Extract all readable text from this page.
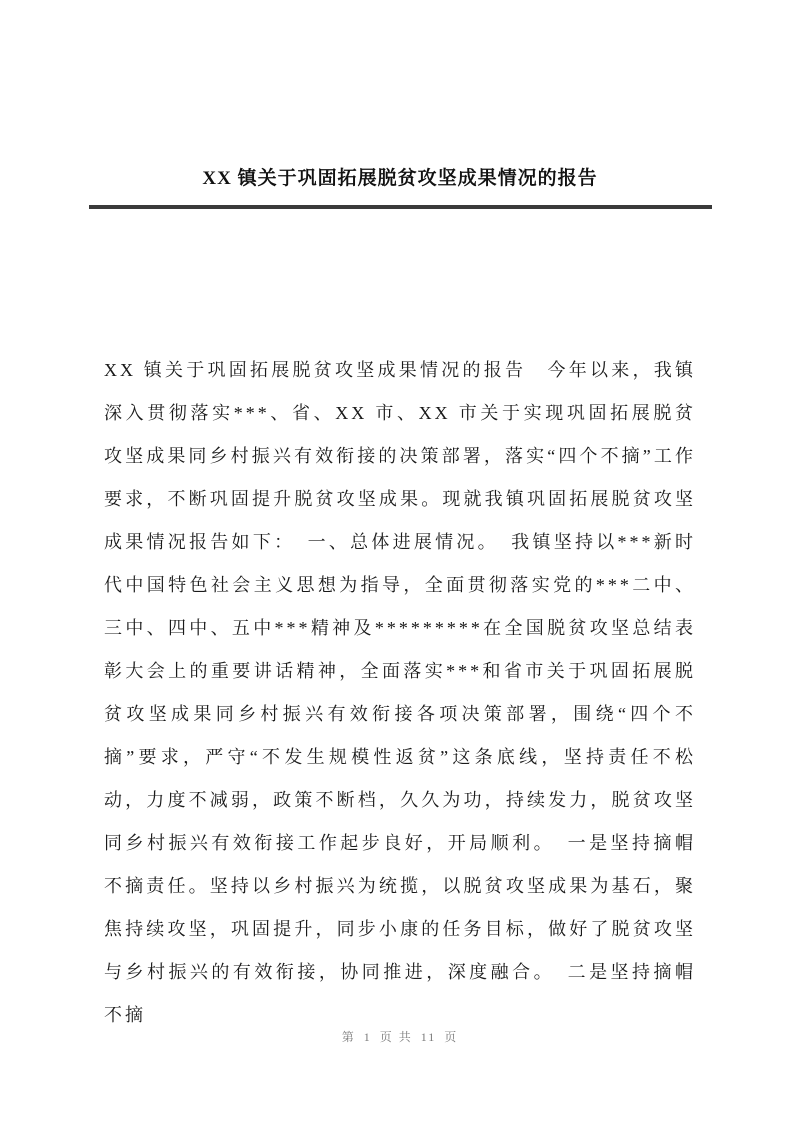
XX 镇关于巩固拓展脱贫攻坚成果情况的报告

XX 镇关于巩固拓展脱贫攻坚成果情况的报告　今年以来，我镇深入贯彻落实***、省、XX 市、XX 市关于实现巩固拓展脱贫攻坚成果同乡村振兴有效衔接的决策部署，落实“四个不摘”工作要求，不断巩固提升脱贫攻坚成果。现就我镇巩固拓展脱贫攻坚成果情况报告如下：　一、总体进展情况。　我镇坚持以***新时代中国特色社会主义思想为指导，全面贯彻落实党的***二中、三中、四中、五中***精神及*********在全国脱贫攻坚总结表彰大会上的重要讲话精神，全面落实***和省市关于巩固拓展脱贫攻坚成果同乡村振兴有效衔接各项决策部署，围绕“四个不摘”要求，严守“不发生规模性返贫”这条底线，坚持责任不松动，力度不减弱，政策不断档，久久为功，持续发力，脱贫攻坚同乡村振兴有效衔接工作起步良好，开局顺利。　一是坚持摘帽不摘责任。坚持以乡村振兴为统揽，以脱贫攻坚成果为基石，聚焦持续攻坚，巩固提升，同步小康的任务目标，做好了脱贫攻坚与乡村振兴的有效衔接，协同推进，深度融合。　二是坚持摘帽不摘

第 1 页 共 11 页
